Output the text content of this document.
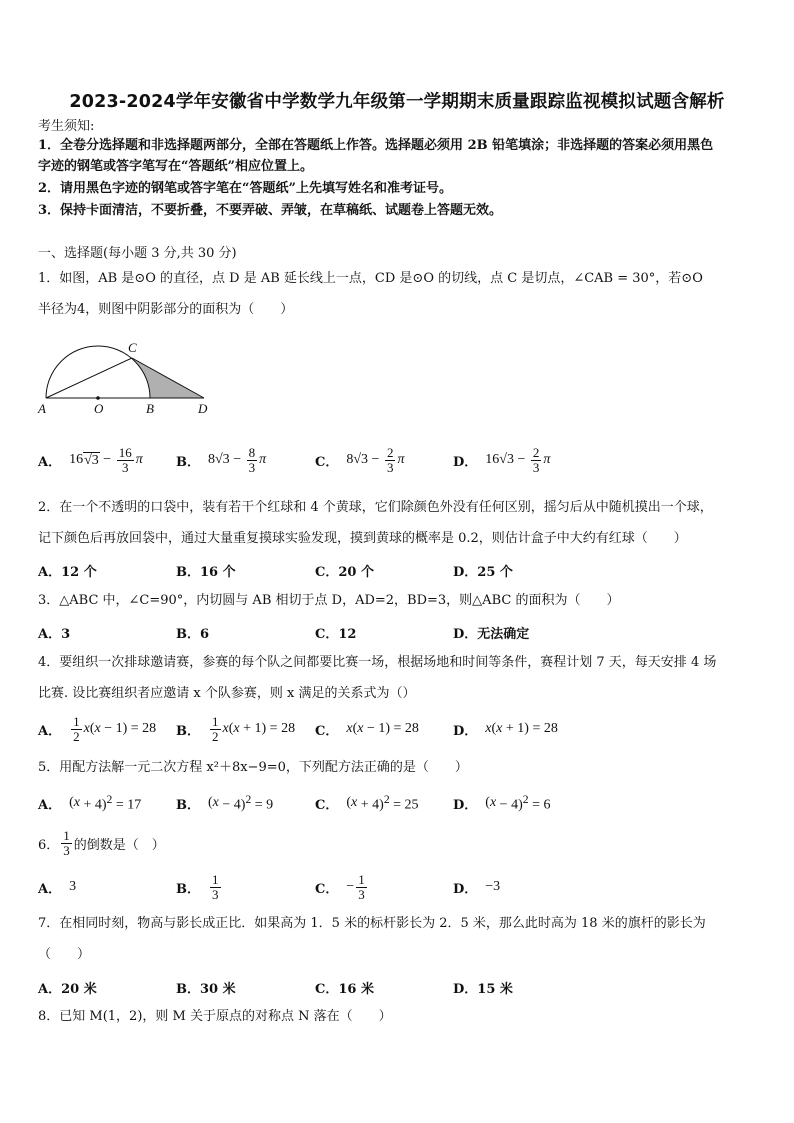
2023-2024学年安徽省中学数学九年级第一学期期末质量跟踪监视模拟试题含解析
考生须知:
1．全卷分选择题和非选择题两部分，全部在答题纸上作答。选择题必须用 2B 铅笔填涂；非选择题的答案必须用黑色
字迹的钢笔或答字笔写在“答题纸”相应位置上。
2．请用黑色字迹的钢笔或答字笔在“答题纸”上先填写姓名和准考证号。
3．保持卡面清洁，不要折叠，不要弄破、弄皱，在草稿纸、试题卷上答题无效。
一、选择题(每小题 3 分,共 30 分)
1．如图，AB 是⊙O 的直径，点 D 是 AB 延长线上一点，CD 是⊙O 的切线，点 C 是切点，∠CAB = 30°，若⊙O
半径为4，则图中阴影部分的面积为（　　）
A	O	B	D
C
A． 16 $√3 - \frac{16}{3}$ π	B． 8 $√3 - \frac{8}{3}$ π	C． 8 $√3 - \frac{2}{3}$ π	D． 16 $√3 - \frac{2}{3}$ π
2．在一个不透明的口袋中，装有若干个红球和 4 个黄球，它们除颜色外没有任何区别，摇匀后从中随机摸出一个球，
记下颜色后再放回袋中，通过大量重复摸球实验发现，摸到黄球的概率是 0.2，则估计盒子中大约有红球（　　）
A．12 个	B．16 个	C．20 个	D．25 个
3．△ABC 中，∠C=90°，内切圆与 AB 相切于点 D，AD=2，BD=3，则△ABC 的面积为（　　）
A．3	B．6	C．12	D．无法确定
4．要组织一次排球邀请赛，参赛的每个队之间都要比赛一场，根据场地和时间等条件，赛程计划 7 天，每天安排 4 场
比赛. 设比赛组织者应邀请 x 个队参赛，则 x 满足的关系式为（）
A． $\frac{1}{2}$ x ( x − 1) = 28 B． $\frac{1}{2}$ x ( x + 1) = 28 C． x ( x − 1) = 28	D． x ( x + 1) = 28
5．用配方法解一元二次方程 x²＋8x−9=0，下列配方法正确的是（　　）
A． ( x + 4)$^2$ = 17	B． ( x − 4)$^2$ = 9	C． ( x + 4)$^2$ = 25	D． ( x − 4)$^2$ = 6
6． $\frac{1}{3}$ 的倒数是（　）
A． 3	B． $\frac{1}{3}$	C． − $\frac{1}{3}$	D． −3
7．在相同时刻，物高与影长成正比．如果高为 1．5 米的标杆影长为 2．5 米，那么此时高为 18 米的旗杆的影长为
（　　）
A．20 米	B．30 米	C．16 米	D．15 米
8．已知 M(1，2)，则 M 关于原点的对称点 N 落在（　　）
